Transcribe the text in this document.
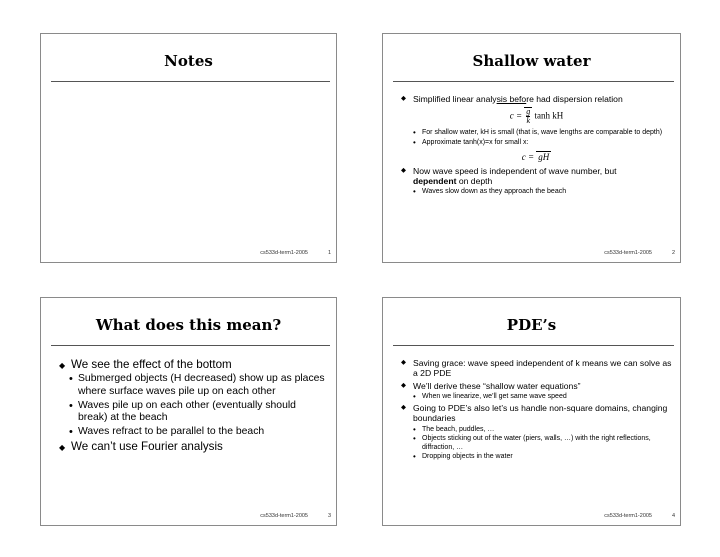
Notes
cs533d-term1-2005	1
Shallow water
◆ Simplified linear analysis before had dispersion relation
$c = \frac{g}{k}$ tanh kH
• For shallow water, kH is small (that is, wave lengths are comparable to depth)
• Approximate tanh(x)=x for small x:
c = gH
◆ Now wave speed is independent of wave number, but
dependent on depth
• Waves slow down as they approach the beach
cs533d-term1-2005	2
What does this mean?
◆ We see the effect of the bottom
• Submerged objects (H decreased) show up as places where surface waves pile up on each other
• Waves pile up on each other (eventually should break) at the beach
• Waves refract to be parallel to the beach
◆ We can’t use Fourier analysis
cs533d-term1-2005	3
PDE’s
◆ Saving grace: wave speed independent of k means we can solve as a 2D PDE
◆ We’ll derive these “shallow water equations”
• When we linearize, we’ll get same wave speed
◆ Going to PDE’s also let’s us handle non-square domains, changing boundaries
• The beach, puddles, …
• Objects sticking out of the water (piers, walls, …) with the right reflections, diffraction, …
• Dropping objects in the water
cs533d-term1-2005	4
